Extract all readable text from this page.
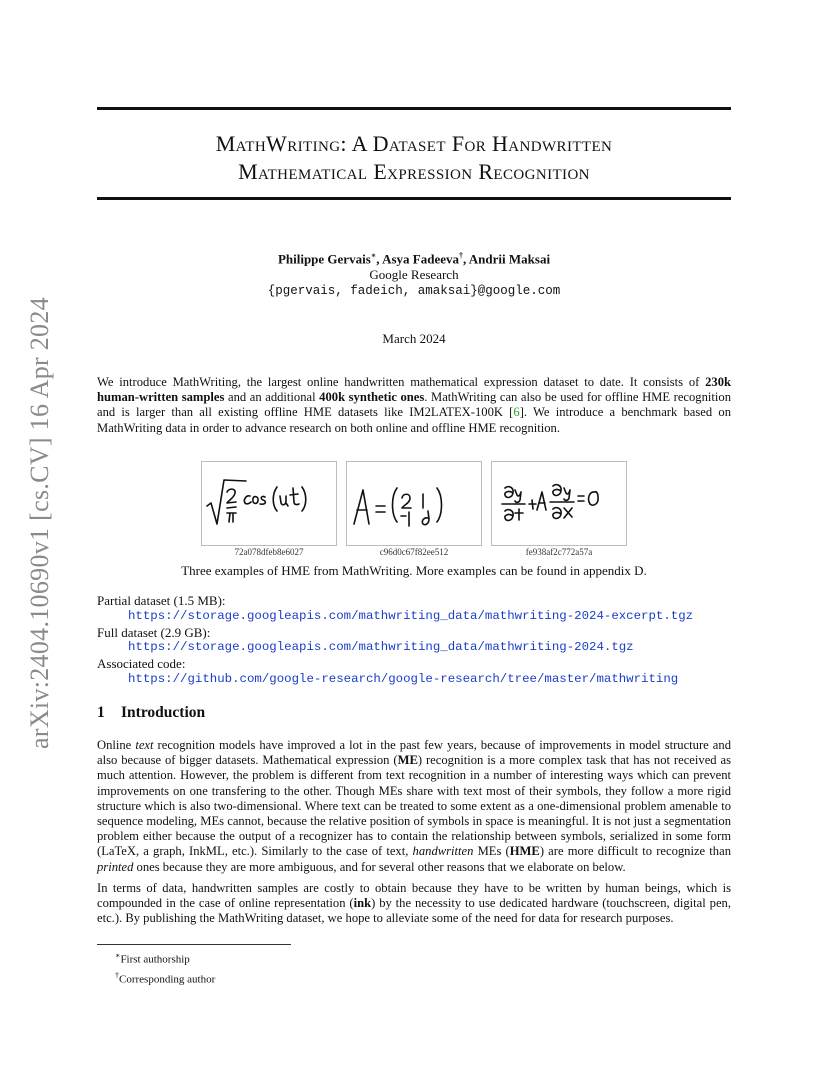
arXiv:2404.10690v1 [cs.CV] 16 Apr 2024
MathWriting: A Dataset For Handwritten
Mathematical Expression Recognition
Philippe Gervais∗, Asya Fadeeva†, Andrii Maksai
Google Research
{pgervais, fadeich, amaksai}@google.com
March 2024
We introduce MathWriting, the largest online handwritten mathematical expression dataset to date. It consists of 230k human-written samples and an additional 400k synthetic ones. MathWriting can also be used for offline HME recognition and is larger than all existing offline HME datasets like IM2LATEX-100K [6]. We introduce a benchmark based on MathWriting data in order to advance research on both online and offline HME recognition.
72a078dfeb8e6027	c96d0c67f82ee512	fe938af2c772a57a
Three examples of HME from MathWriting. More examples can be found in appendix D.
Partial dataset (1.5 MB):
https://storage.googleapis.com/mathwriting_data/mathwriting-2024-excerpt.tgz
Full dataset (2.9 GB):
https://storage.googleapis.com/mathwriting_data/mathwriting-2024.tgz
Associated code:
https://github.com/google-research/google-research/tree/master/mathwriting
1 Introduction

Online text recognition models have improved a lot in the past few years, because of improvements in model structure and also because of bigger datasets. Mathematical expression (ME) recognition is a more complex task that has not received as much attention. However, the problem is different from text recognition in a number of interesting ways which can prevent improvements on one transfering to the other. Though MEs share with text most of their symbols, they follow a more rigid structure which is also two-dimensional. Where text can be treated to some extent as a one-dimensional problem amenable to sequence modeling, MEs cannot, because the relative position of symbols in space is meaningful. It is not just a segmentation problem either because the output of a recognizer has to contain the relationship between symbols, serialized in some form (LaTeX, a graph, InkML, etc.). Similarly to the case of text, handwritten MEs (HME) are more difficult to recognize than printed ones because they are more ambiguous, and for several other reasons that we elaborate on below.

In terms of data, handwritten samples are costly to obtain because they have to be written by human beings, which is compounded in the case of online representation (ink) by the necessity to use dedicated hardware (touchscreen, digital pen, etc.). By publishing the MathWriting dataset, we hope to alleviate some of the need for data for research purposes.

∗First authorship
†Corresponding author
